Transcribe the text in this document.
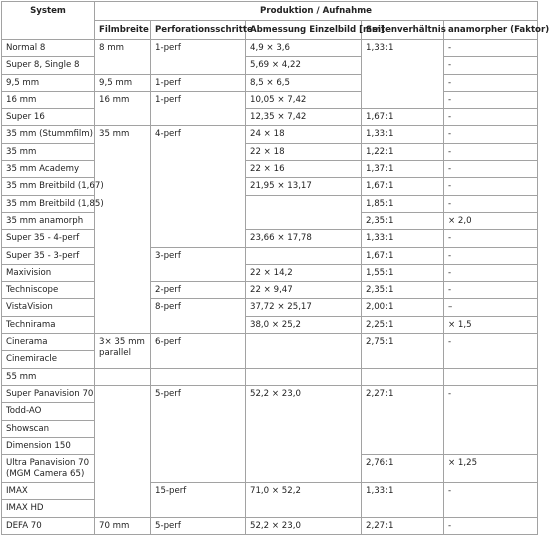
System	Produktion / Aufnahme				
	Filmbreite	Perforationsschritte	Abmessung Einzelbild [mm]	Seitenverhältnis	anamorpher (Faktor)
Normal 8	8 mm	1-perf	4,9 × 3,6	1,33:1	-
Super 8, Single 8			5,69 × 4,22		-
9,5 mm	9,5 mm	1-perf	8,5 × 6,5		-
16 mm	16 mm	1-perf	10,05 × 7,42		-
Super 16			12,35 × 7,42	1,67:1	-
35 mm (Stummfilm)	35 mm	4-perf	24 × 18	1,33:1	-
35 mm			22 × 18	1,22:1	-
35 mm Academy			22 × 16	1,37:1	-
35 mm Breitbild (1,67)			21,95 × 13,17	1,67:1	-
35 mm Breitbild (1,85)				1,85:1	-
35 mm anamorph				2,35:1	× 2,0
Super 35 - 4-perf			23,66 × 17,78	1,33:1	-
Super 35 - 3-perf		3-perf		1,67:1	-
Maxivision			22 × 14,2	1,55:1	-
Techniscope		2-perf	22 × 9,47	2,35:1	-
VistaVision		8-perf	37,72 × 25,17	2,00:1	–
Technirama			38,0 × 25,2	2,25:1	× 1,5
Cinerama	3× 35 mm parallel	6-perf		2,75:1	-
Cinemiracle					
55 mm					
Super Panavision 70		5-perf	52,2 × 23,0	2,27:1	-
Todd-AO					
Showscan					
Dimension 150					
Ultra Panavision 70 (MGM Camera 65)				2,76:1	× 1,25
IMAX		15-perf	71,0 × 52,2	1,33:1	-
IMAX HD					
DEFA 70	70 mm	5-perf	52,2 × 23,0	2,27:1	-
